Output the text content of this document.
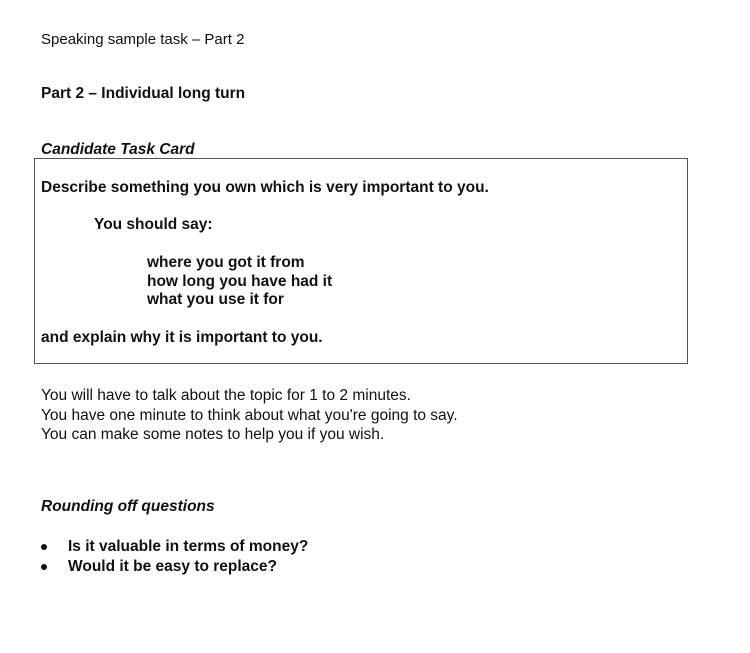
Speaking sample task – Part 2
Part 2 – Individual long turn
Candidate Task Card
Describe something you own which is very important to you.
You should say:
where you got it from
how long you have had it
what you use it for
and explain why it is important to you.
You will have to talk about the topic for 1 to 2 minutes.
You have one minute to think about what you're going to say.
You can make some notes to help you if you wish.
Rounding off questions
Is it valuable in terms of money?
Would it be easy to replace?
